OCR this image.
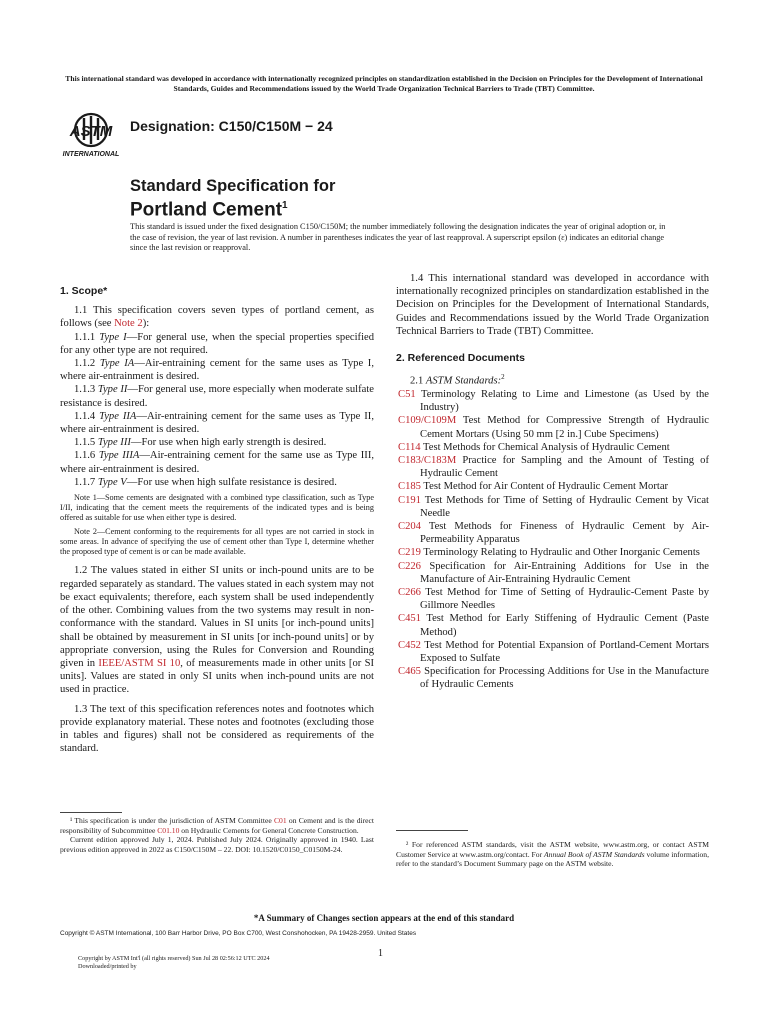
This international standard was developed in accordance with internationally recognized principles on standardization established in the Decision on Principles for the Development of International Standards, Guides and Recommendations issued by the World Trade Organization Technical Barriers to Trade (TBT) Committee.
ASTM
INTERNATIONAL
Designation: C150/C150M − 24
Standard Specification for
Portland Cement$^1$
This standard is issued under the fixed designation C150/C150M; the number immediately following the designation indicates the year of original adoption or, in the case of revision, the year of last revision. A number in parentheses indicates the year of last reapproval. A superscript epsilon (ε) indicates an editorial change since the last revision or reapproval.

1. Scope*

1.1 This specification covers seven types of portland cement, as follows (see Note 2):

1.1.1 Type I—For general use, when the special properties specified for any other type are not required.

1.1.2 Type IA—Air-entraining cement for the same uses as Type I, where air-entrainment is desired.

1.1.3 Type II—For general use, more especially when moderate sulfate resistance is desired.

1.1.4 Type IIA—Air-entraining cement for the same uses as Type II, where air-entrainment is desired.

1.1.5 Type III—For use when high early strength is desired.

1.1.6 Type IIIA—Air-entraining cement for the same use as Type III, where air-entrainment is desired.

1.1.7 Type V—For use when high sulfate resistance is desired.

Note 1—Some cements are designated with a combined type classification, such as Type I/II, indicating that the cement meets the requirements of the indicated types and is being offered as suitable for use when either type is desired.

Note 2—Cement conforming to the requirements for all types are not carried in stock in some areas. In advance of specifying the use of cement other than Type I, determine whether the proposed type of cement is or can be made available.

1.2 The values stated in either SI units or inch-pound units are to be regarded separately as standard. The values stated in each system may not be exact equivalents; therefore, each system shall be used independently of the other. Combining values from the two systems may result in non-conformance with the standard. Values in SI units [or inch-pound units] shall be obtained by measurement in SI units [or inch-pound units] or by appropriate conversion, using the Rules for Conversion and Rounding given in IEEE/ASTM SI 10, of measurements made in other units [or SI units]. Values are stated in only SI units when inch-pound units are not used in practice.

1.3 The text of this specification references notes and footnotes which provide explanatory material. These notes and footnotes (excluding those in tables and figures) shall not be considered as requirements of the standard.

1.4 This international standard was developed in accordance with internationally recognized principles on standardization established in the Decision on Principles for the Development of International Standards, Guides and Recommendations issued by the World Trade Organization Technical Barriers to Trade (TBT) Committee.

2. Referenced Documents

2.1 ASTM Standards:$^2$

C51 Terminology Relating to Lime and Limestone (as Used by the Industry)

C109/C109M Test Method for Compressive Strength of Hydraulic Cement Mortars (Using 50 mm [2 in.] Cube Specimens)

C114 Test Methods for Chemical Analysis of Hydraulic Cement

C183/C183M Practice for Sampling and the Amount of Testing of Hydraulic Cement

C185 Test Method for Air Content of Hydraulic Cement Mortar

C191 Test Methods for Time of Setting of Hydraulic Cement by Vicat Needle

C204 Test Methods for Fineness of Hydraulic Cement by Air-Permeability Apparatus

C219 Terminology Relating to Hydraulic and Other Inorganic Cements

C226 Specification for Air-Entraining Additions for Use in the Manufacture of Air-Entraining Hydraulic Cement

C266 Test Method for Time of Setting of Hydraulic-Cement Paste by Gillmore Needles

C451 Test Method for Early Stiffening of Hydraulic Cement (Paste Method)

C452 Test Method for Potential Expansion of Portland-Cement Mortars Exposed to Sulfate

C465 Specification for Processing Additions for Use in the Manufacture of Hydraulic Cements

¹ This specification is under the jurisdiction of ASTM Committee C01 on Cement and is the direct responsibility of Subcommittee C01.10 on Hydraulic Cements for General Concrete Construction.

Current edition approved July 1, 2024. Published July 2024. Originally approved in 1940. Last previous edition approved in 2022 as C150/C150M – 22. DOI: 10.1520/C0150_C0150M-24.

² For referenced ASTM standards, visit the ASTM website, www.astm.org, or contact ASTM Customer Service at www.astm.org/contact. For Annual Book of ASTM Standards volume information, refer to the standard’s Document Summary page on the ASTM website.

*A Summary of Changes section appears at the end of this standard
Copyright © ASTM International, 100 Barr Harbor Drive, PO Box C700, West Conshohocken, PA 19428-2959. United States
1
Copyright by ASTM Int'l (all rights reserved) Sun Jul 28 02:56:12 UTC 2024
Downloaded/printed by
